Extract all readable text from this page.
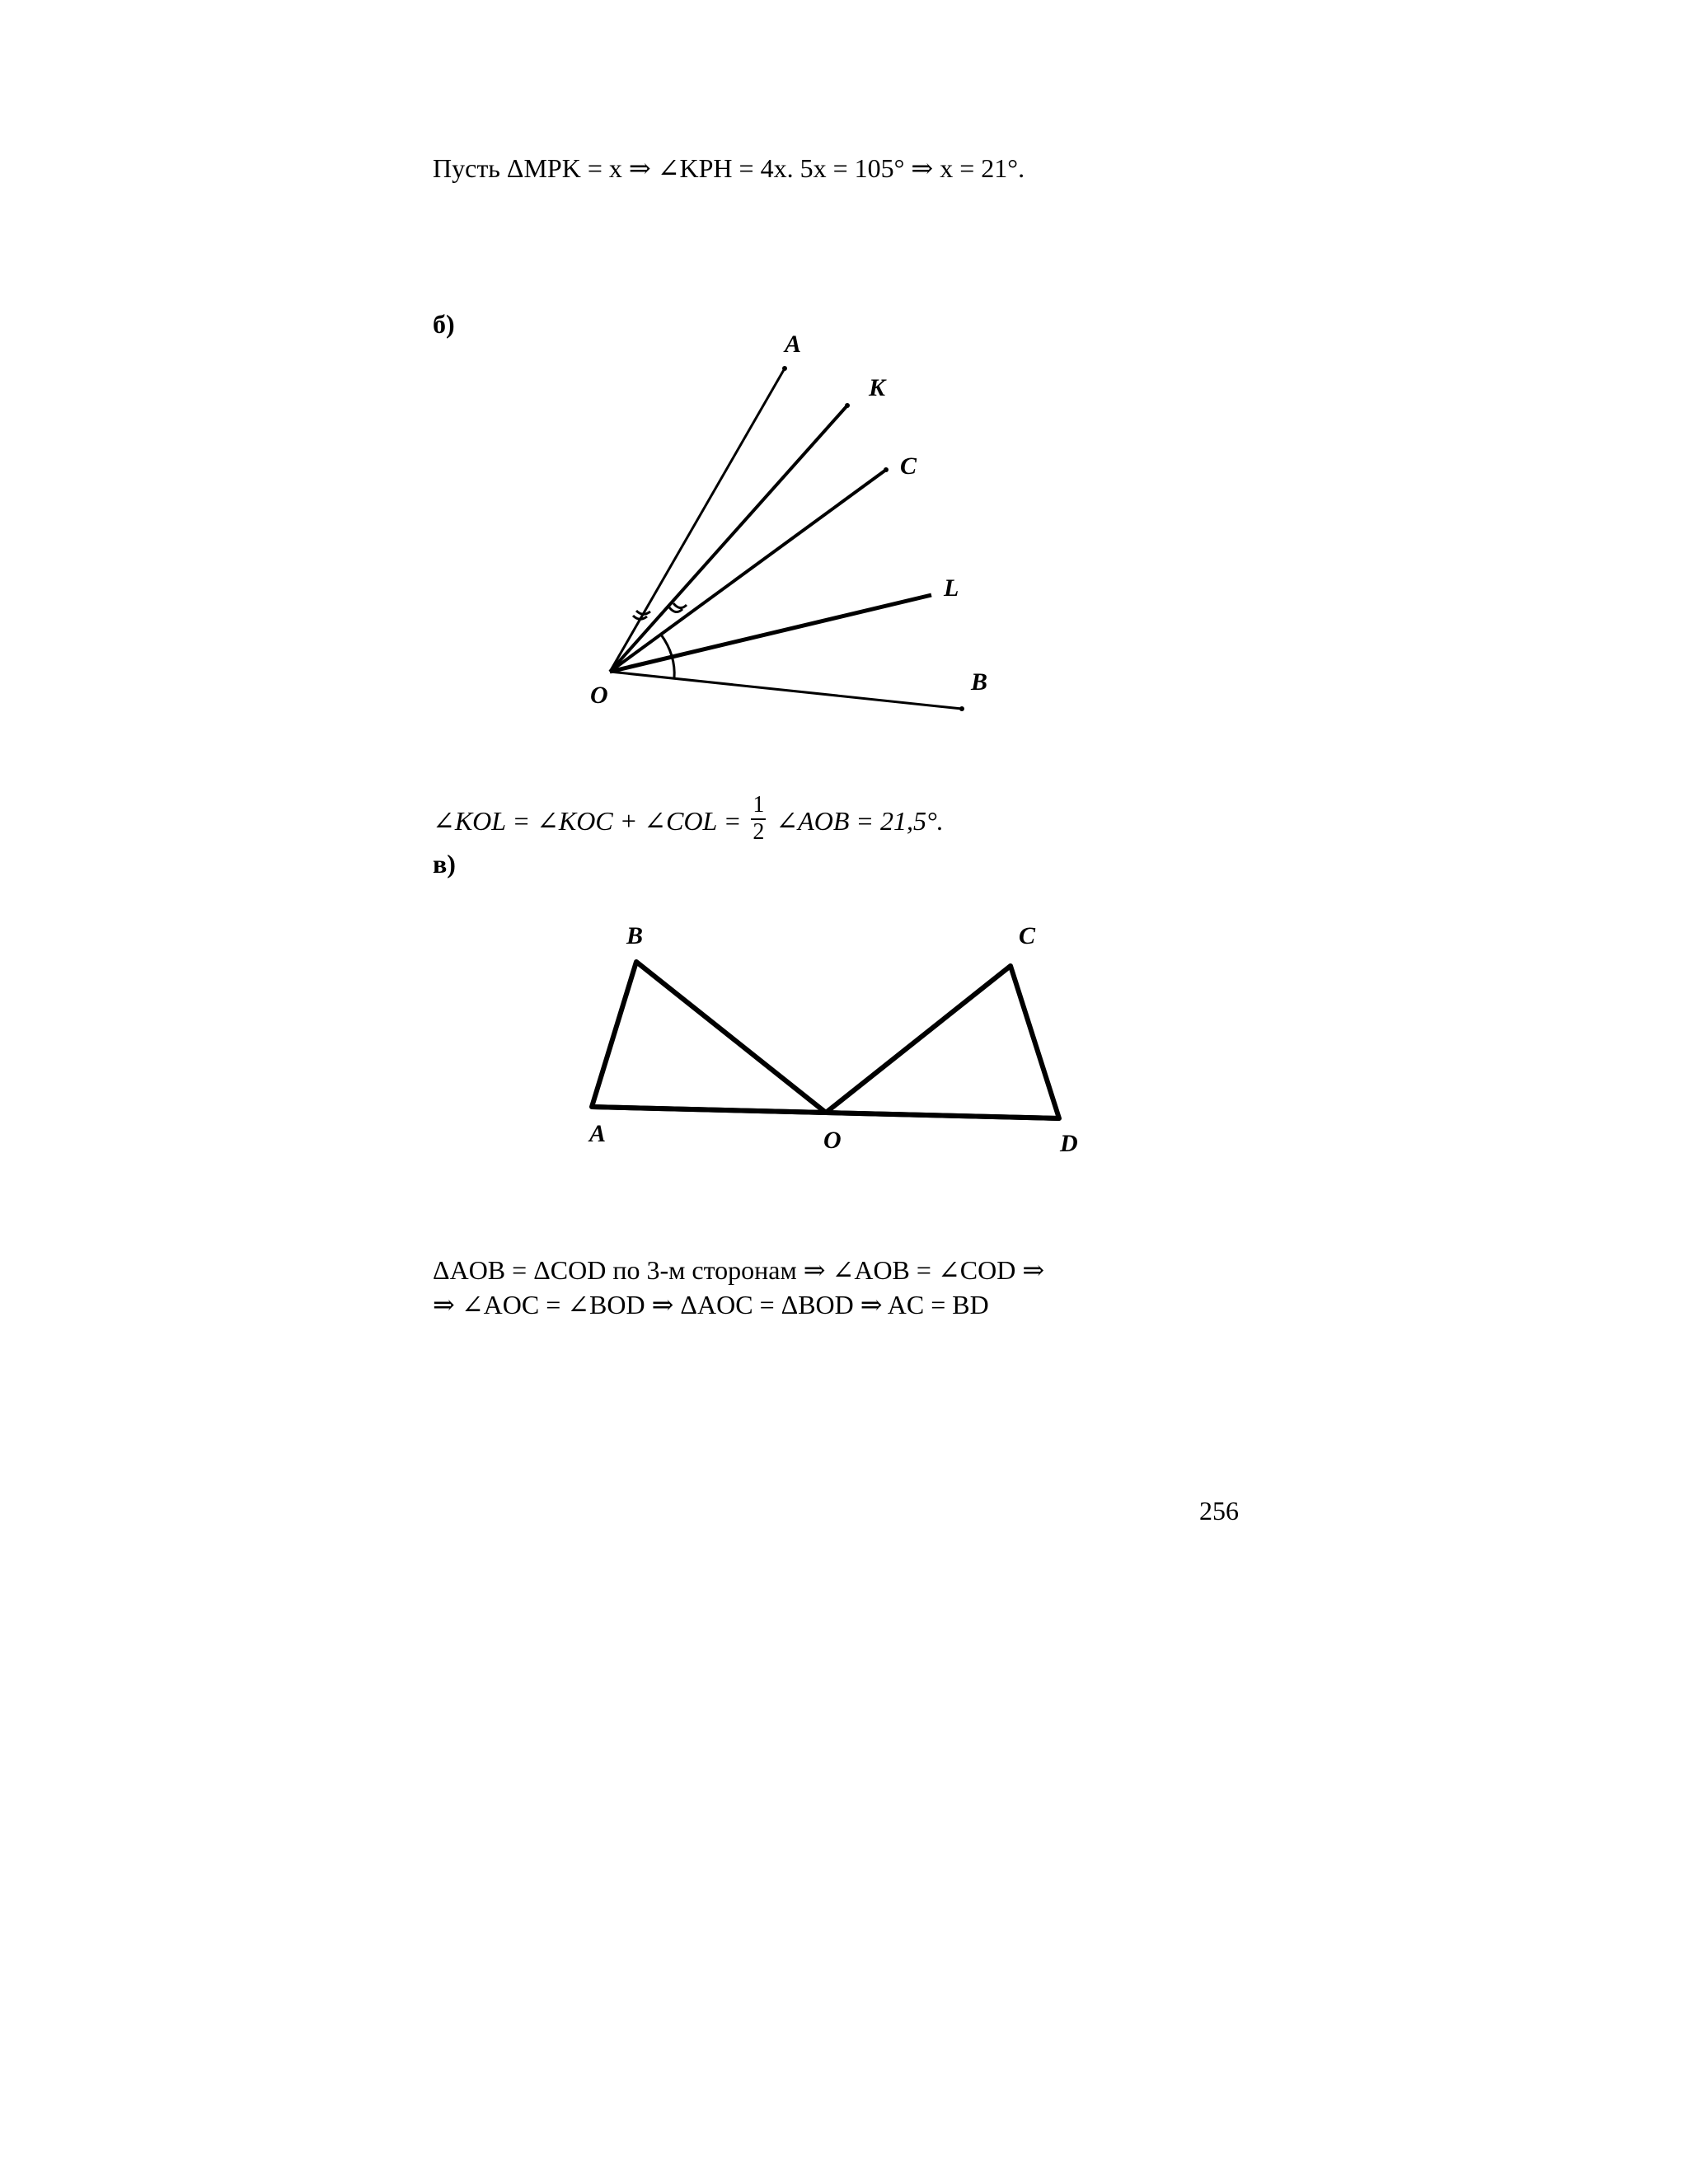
Пусть ΔMPK = x ⇒ ∠KPH = 4x. 5x = 105° ⇒ x = 21°.
б)
A
K
C
L
B
O
∠KOL = ∠KOC + ∠COL = $\frac{1}{2}$ ∠AOB = 21,5°.
в)
B	C
A	O	D
ΔAOB = ΔCOD по 3-м сторонам ⇒ ∠AOB = ∠COD ⇒
⇒ ∠AOC = ∠BOD ⇒ ΔAOC = ΔBOD ⇒ AC = BD
256
